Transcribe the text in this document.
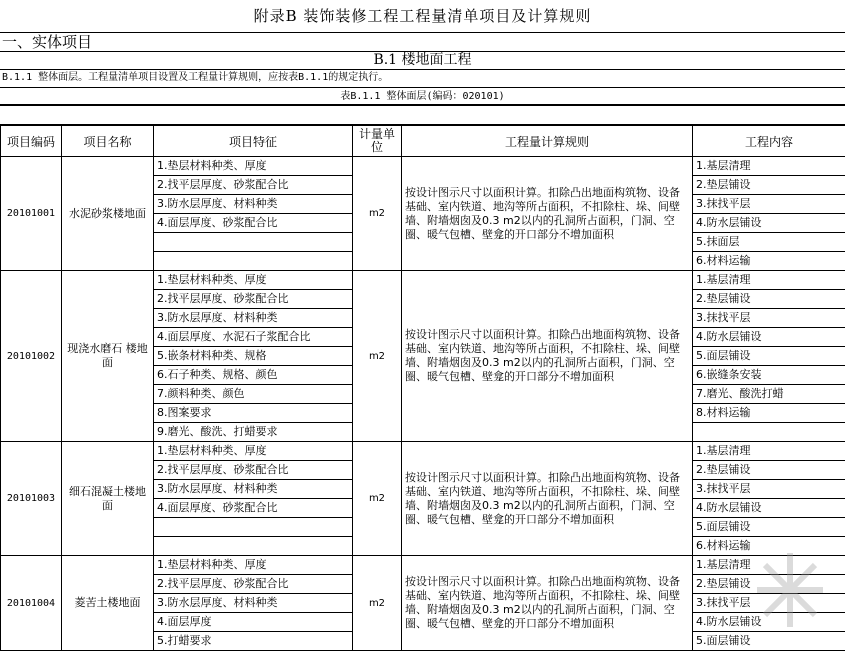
附录B 装饰装修工程工程量清单项目及计算规则
一、实体项目
B.1 楼地面工程
B.1.1 整体面层。工程量清单项目设置及工程量计算规则，应按表B.1.1的规定执行。
表B.1.1 整体面层(编码：020101)
项目编码	项目名称	项目特征	计量单位	工程量计算规则	工程内容
20101001	水泥砂浆楼地面	1.垫层材料种类、厚度	m2	按设计图示尺寸以面积计算。扣除凸出地面构筑物、设备基础、室内铁道、地沟等所占面积，不扣除柱、垛、间壁墙、附墙烟囱及0.3 m2以内的孔洞所占面积，门洞、空圈、暖气包槽、壁龛的开口部分不增加面积	1.基层清理
		2.找平层厚度、砂浆配合比			2.垫层铺设
		3.防水层厚度、材料种类			3.抹找平层
		4.面层厚度、砂浆配合比			4.防水层铺设
					5.抹面层
					6.材料运输
20101002	现浇水磨石 楼地面	1.垫层材料种类、厚度	m2	按设计图示尺寸以面积计算。扣除凸出地面构筑物、设备基础、室内铁道、地沟等所占面积，不扣除柱、垛、间壁墙、附墙烟囱及0.3 m2以内的孔洞所占面积，门洞、空圈、暖气包槽、壁龛的开口部分不增加面积	1.基层清理
		2.找平层厚度、砂浆配合比			2.垫层铺设
		3.防水层厚度、材料种类			3.抹找平层
		4.面层厚度、水泥石子浆配合比			4.防水层铺设
		5.嵌条材料种类、规格			5.面层铺设
		6.石子种类、规格、颜色			6.嵌缝条安装
		7.颜料种类、颜色			7.磨光、酸洗打蜡
		8.图案要求			8.材料运输
		9.磨光、酸洗、打蜡要求			
20101003	细石混凝土楼地面	1.垫层材料种类、厚度	m2	按设计图示尺寸以面积计算。扣除凸出地面构筑物、设备基础、室内铁道、地沟等所占面积，不扣除柱、垛、间壁墙、附墙烟囱及0.3 m2以内的孔洞所占面积，门洞、空圈、暖气包槽、壁龛的开口部分不增加面积	1.基层清理
		2.找平层厚度、砂浆配合比			2.垫层铺设
		3.防水层厚度、材料种类			3.抹找平层
		4.面层厚度、砂浆配合比			4.防水层铺设
					5.面层铺设
					6.材料运输
20101004	菱苦土楼地面	1.垫层材料种类、厚度	m2	按设计图示尺寸以面积计算。扣除凸出地面构筑物、设备基础、室内铁道、地沟等所占面积，不扣除柱、垛、间壁墙、附墙烟囱及0.3 m2以内的孔洞所占面积，门洞、空圈、暖气包槽、壁龛的开口部分不增加面积	1.基层清理
		2.找平层厚度、砂浆配合比			2.垫层铺设
		3.防水层厚度、材料种类			3.抹找平层
		4.面层厚度			4.防水层铺设
		5.打蜡要求			5.面层铺设
